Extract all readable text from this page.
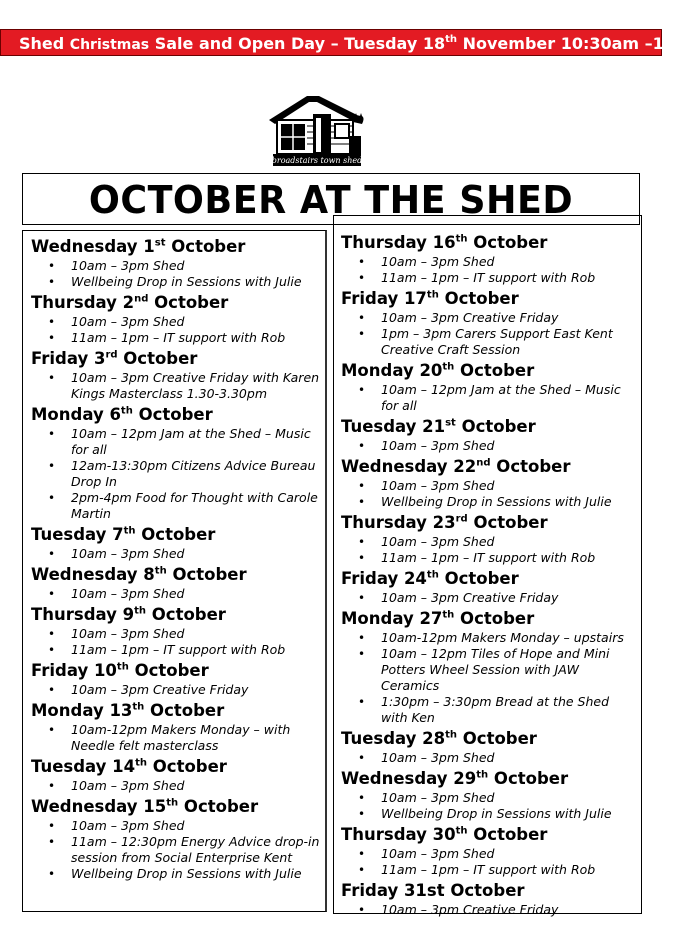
Shed Christmas Sale and Open Day – Tuesday 18th November 10:30am –1pm
broadstairs town shed
OCTOBER AT THE SHED

Wednesday 1st October

• 10am – 3pm Shed
• Wellbeing Drop in Sessions with Julie

Thursday 2nd October

• 10am – 3pm Shed
• 11am – 1pm – IT support with Rob

Friday 3rd October

• 10am – 3pm Creative Friday with Karen Kings Masterclass 1.30-3.30pm

Monday 6th October

• 10am – 12pm Jam at the Shed – Music for all
• 12am-13:30pm Citizens Advice Bureau Drop In
• 2pm-4pm Food for Thought with Carole Martin

Tuesday 7th October

• 10am – 3pm Shed

Wednesday 8th October

• 10am – 3pm Shed

Thursday 9th October

• 10am – 3pm Shed
• 11am – 1pm – IT support with Rob

Friday 10th October

• 10am – 3pm Creative Friday

Monday 13th October

• 10am-12pm Makers Monday – with Needle felt masterclass

Tuesday 14th October

• 10am – 3pm Shed

Wednesday 15th October

• 10am – 3pm Shed
• 11am – 12:30pm Energy Advice drop-in session from Social Enterprise Kent
• Wellbeing Drop in Sessions with Julie

Thursday 16th October

• 10am – 3pm Shed
• 11am – 1pm – IT support with Rob

Friday 17th October

• 10am – 3pm Creative Friday
• 1pm – 3pm Carers Support East Kent Creative Craft Session

Monday 20th October

• 10am – 12pm Jam at the Shed – Music for all

Tuesday 21st October

• 10am – 3pm Shed

Wednesday 22nd October

• 10am – 3pm Shed
• Wellbeing Drop in Sessions with Julie

Thursday 23rd October

• 10am – 3pm Shed
• 11am – 1pm – IT support with Rob

Friday 24th October

• 10am – 3pm Creative Friday

Monday 27th October

• 10am-12pm Makers Monday – upstairs
• 10am – 12pm Tiles of Hope and Mini Potters Wheel Session with JAW Ceramics
• 1:30pm – 3:30pm Bread at the Shed with Ken

Tuesday 28th October

• 10am – 3pm Shed

Wednesday 29th October

• 10am – 3pm Shed
• Wellbeing Drop in Sessions with Julie

Thursday 30th October

• 10am – 3pm Shed
• 11am – 1pm – IT support with Rob

Friday 31st October

• 10am – 3pm Creative Friday
